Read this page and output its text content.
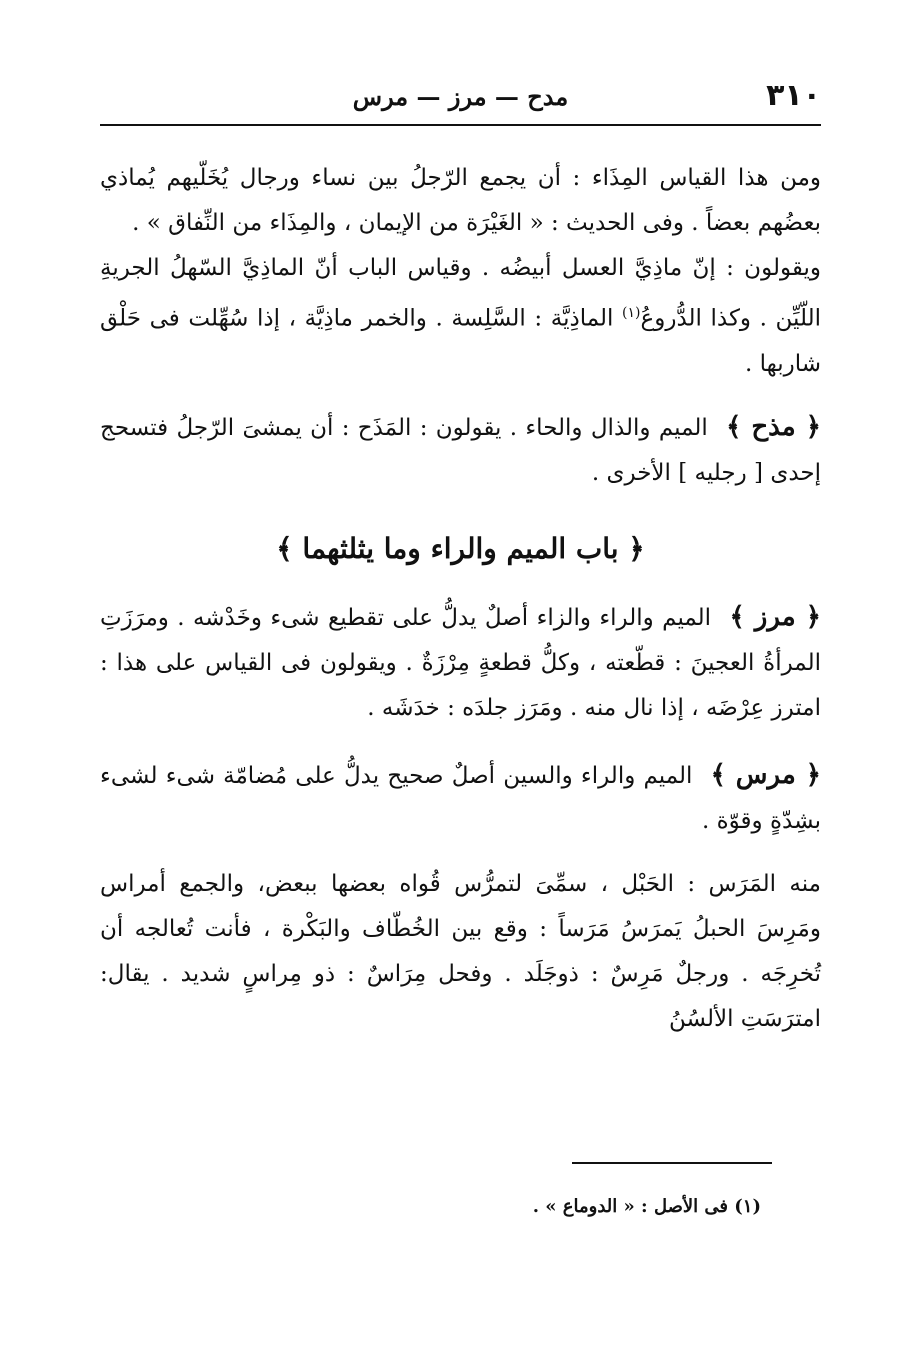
٣١٠
مدح — مرز — مرس

ومن هذا القياس المِذَاء : أن يجمع الرّجلُ بين نساء ورجال يُخَلّيهم يُماذي بعضُهم بعضاً . وفى الحديث : « الغَيْرَة من الإيمان ، والمِذَاء من النِّفاق » .

ويقولون : إنّ ماذِيَّ العسل أبيضُه . وقياس الباب أنّ الماذِيَّ السّهلُ الجريةِ اللّيِّن . وكذا الدُّروعُ$^{(١)}$ الماذِيَّة : السَّلِسة . والخمر ماذِيَّة ، إذا سُهِّلت فى حَلْق شاربها .

﴿ مذح ﴾ الميم والذال والحاء . يقولون : المَذَح : أن يمشىَ الرّجلُ فتسحج إحدى [ رجليه ] الأخرى .

﴿ باب الميم والراء وما يثلثهما ﴾

﴿ مرز ﴾ الميم والراء والزاء أصلٌ يدلُّ على تقطيع شىء وخَدْشه . ومرَزَتِ المرأةُ العجينَ : قطّعته ، وكلُّ قطعةٍ مِرْزَةٌ . ويقولون فى القياس على هذا : امترز عِرْضَه ، إذا نال منه . ومَرَز جلدَه : خدَشَه .

﴿ مرس ﴾ الميم والراء والسين أصلٌ صحيح يدلُّ على مُضامّة شىء لشىء بشِدّةٍ وقوّة .

منه المَرَس : الحَبْل ، سمِّىَ لتمرُّس قُواه بعضها ببعض، والجمع أمراس ومَرِسَ الحبلُ يَمرَسُ مَرَساً : وقع بين الخُطّاف والبَكْرة ، فأنت تُعالجه أن تُخرِجَه . ورجلٌ مَرِسٌ : ذوجَلَد . وفحل مِرَاسٌ : ذو مِراسٍ شديد . يقال: امترَسَتِ الألسُنُ

(١) فى الأصل : « الدوماع » .
